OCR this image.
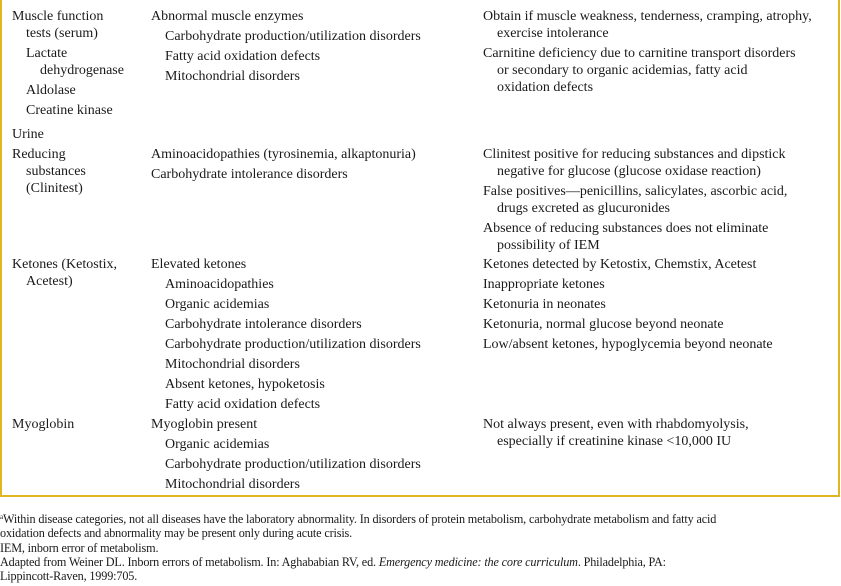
Muscle function
tests (serum)
Lactate
dehydrogenase
Aldolase
Creatine kinase
Abnormal muscle enzymes
Carbohydrate production/utilization disorders
Fatty acid oxidation defects
Mitochondrial disorders
Obtain if muscle weakness, tenderness, cramping, atrophy,
exercise intolerance
Carnitine deficiency due to carnitine transport disorders
or secondary to organic acidemias, fatty acid
oxidation defects
Urine
Reducing
substances
(Clinitest)
Aminoacidopathies (tyrosinemia, alkaptonuria)
Carbohydrate intolerance disorders
Clinitest positive for reducing substances and dipstick
negative for glucose (glucose oxidase reaction)
False positives—penicillins, salicylates, ascorbic acid,
drugs excreted as glucuronides
Absence of reducing substances does not eliminate
possibility of IEM
Ketones (Ketostix,
Acetest)
Elevated ketones
Aminoacidopathies
Organic acidemias
Carbohydrate intolerance disorders
Carbohydrate production/utilization disorders
Mitochondrial disorders
Absent ketones, hypoketosis
Fatty acid oxidation defects
Ketones detected by Ketostix, Chemstix, Acetest
Inappropriate ketones
Ketonuria in neonates
Ketonuria, normal glucose beyond neonate
Low/absent ketones, hypoglycemia beyond neonate
Myoglobin	Myoglobin present
Organic acidemias
Carbohydrate production/utilization disorders
Mitochondrial disorders
Not always present, even with rhabdomyolysis,
especially if creatinine kinase <10,000 IU
$^a$Within disease categories, not all diseases have the laboratory abnormality. In disorders of protein metabolism, carbohydrate metabolism and fatty acid
oxidation defects and abnormality may be present only during acute crisis.
IEM, inborn error of metabolism.
Adapted from Weiner DL. Inborn errors of metabolism. In: Aghababian RV, ed. Emergency medicine: the core curriculum. Philadelphia, PA:
Lippincott-Raven, 1999:705.
